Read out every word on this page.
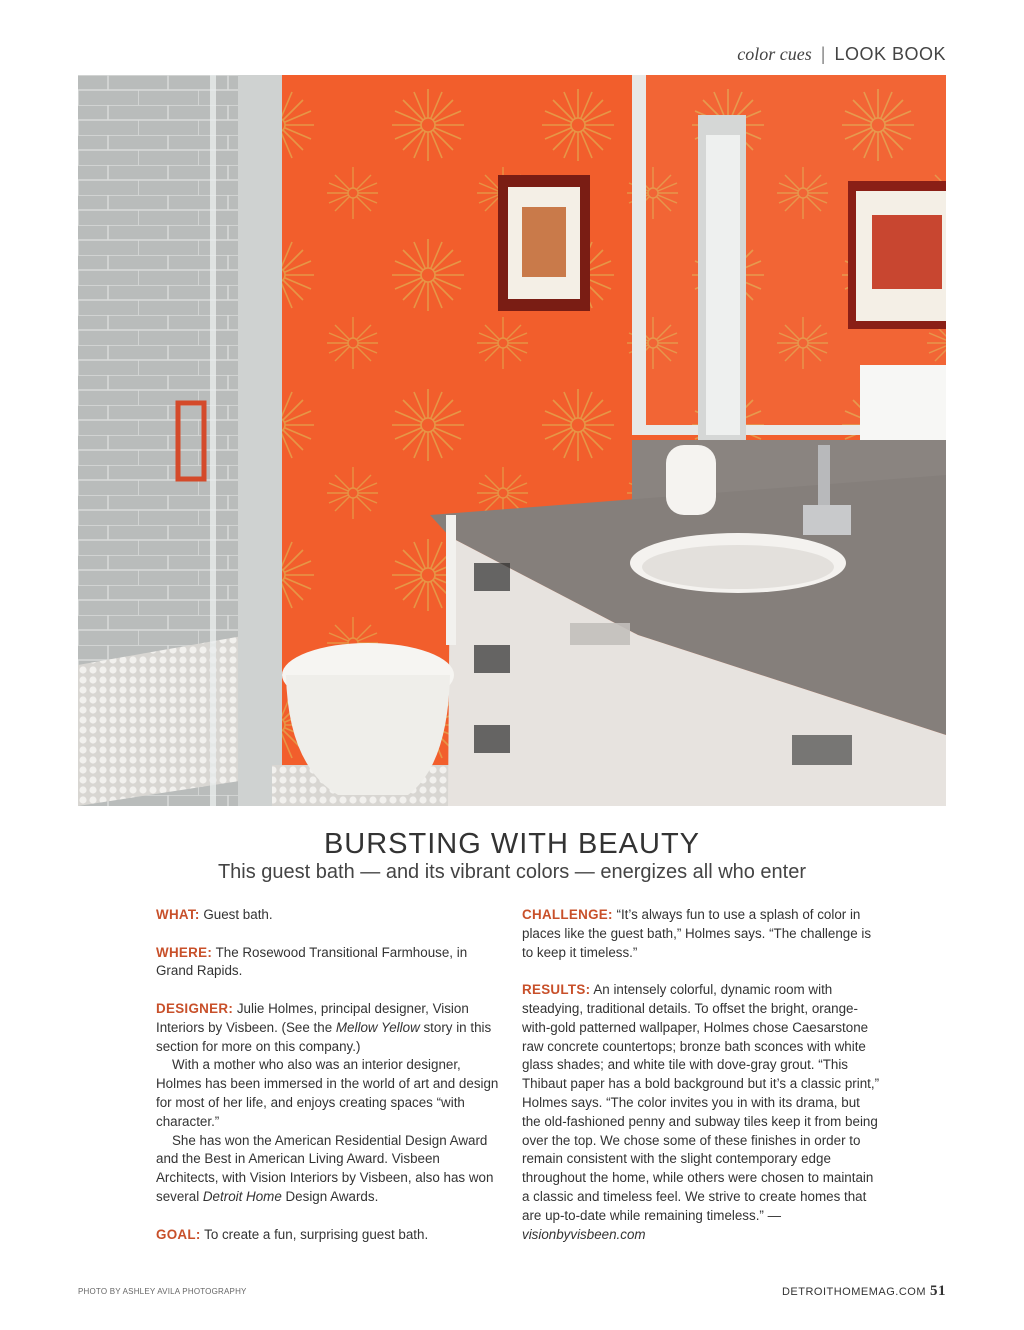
color cues | LOOK BOOK
BURSTING WITH BEAUTY

This guest bath — and its vibrant colors — energizes all who enter

WHAT: Guest bath.

WHERE: The Rosewood Transitional Farmhouse, in Grand Rapids.

DESIGNER: Julie Holmes, principal designer, Vision Interiors by Visbeen. (See the Mellow Yellow story in this section for more on this company.)

With a mother who also was an interior designer, Holmes has been immersed in the world of art and design for most of her life, and enjoys creating spaces “with character.”

She has won the American Residential Design Award and the Best in American Living Award. Visbeen Architects, with Vision Interiors by Visbeen, also has won several Detroit Home Design Awards.

GOAL: To create a fun, surprising guest bath.

CHALLENGE: “It’s always fun to use a splash of color in places like the guest bath,” Holmes says. “The challenge is to keep it timeless.”

RESULTS: An intensely colorful, dynamic room with steadying, traditional details. To offset the bright, orange-with-gold patterned wallpaper, Holmes chose Caesarstone raw concrete countertops; bronze bath sconces with white glass shades; and white tile with dove-gray grout. “This Thibaut paper has a bold background but it’s a classic print,” Holmes says. “The color invites you in with its drama, but the old-fashioned penny and subway tiles keep it from being over the top. We chose some of these finishes in order to remain consistent with the slight contemporary edge throughout the home, while others were chosen to maintain a classic and timeless feel. We strive to create homes that are up-to-date while remaining timeless.” — visionbyvisbeen.com

PHOTO BY ASHLEY AVILA PHOTOGRAPHY	DETROITHOMEMAG.COM 51
